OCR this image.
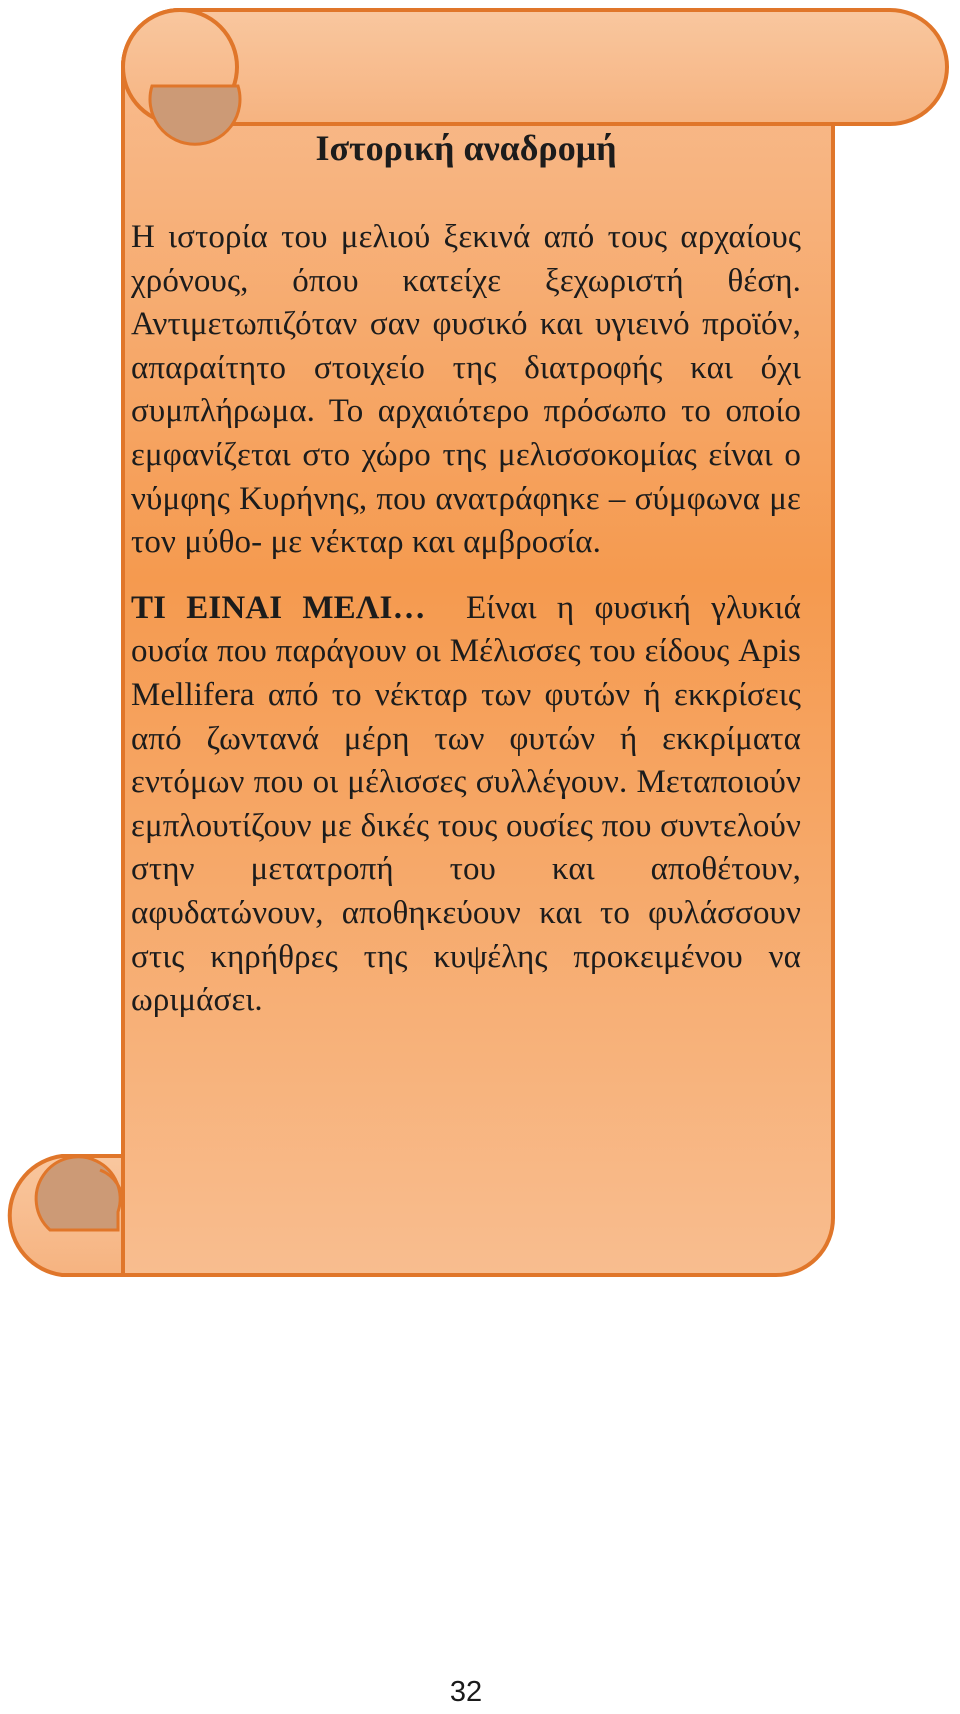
Ιστορική αναδρομή

Η ιστορία του μελιού ξεκινά από τους αρχαίους χρόνους, όπου κατείχε ξεχωριστή θέση. Αντιμετωπιζόταν σαν φυσικό και υγιεινό προϊόν, απαραίτητο στοιχείο της διατροφής και όχι συμπλήρωμα. Το αρχαιότερο πρόσωπο το οποίο εμφανίζεται στο χώρο της μελισσοκομίας είναι ο νύμφης Κυρήνης, που ανατράφηκε – σύμφωνα με τον μύθο- με νέκταρ και αμβροσία.

ΤΙ ΕΙΝΑΙ ΜΕΛΙ… Είναι η φυσική γλυκιά ουσία που παράγουν οι Μέλισσες του είδους Apis Mellifera από το νέκταρ των φυτών ή εκκρίσεις από ζωντανά μέρη των φυτών ή εκκρίματα εντόμων που οι μέλισσες συλλέγουν. Μεταποιούν εμπλουτίζουν με δικές τους ουσίες που συντελούν στην μετατροπή του και αποθέτουν, αφυδατώνουν, αποθηκεύουν και το φυλάσσουν στις κηρήθρες της κυψέλης προκειμένου να ωριμάσει.

32
